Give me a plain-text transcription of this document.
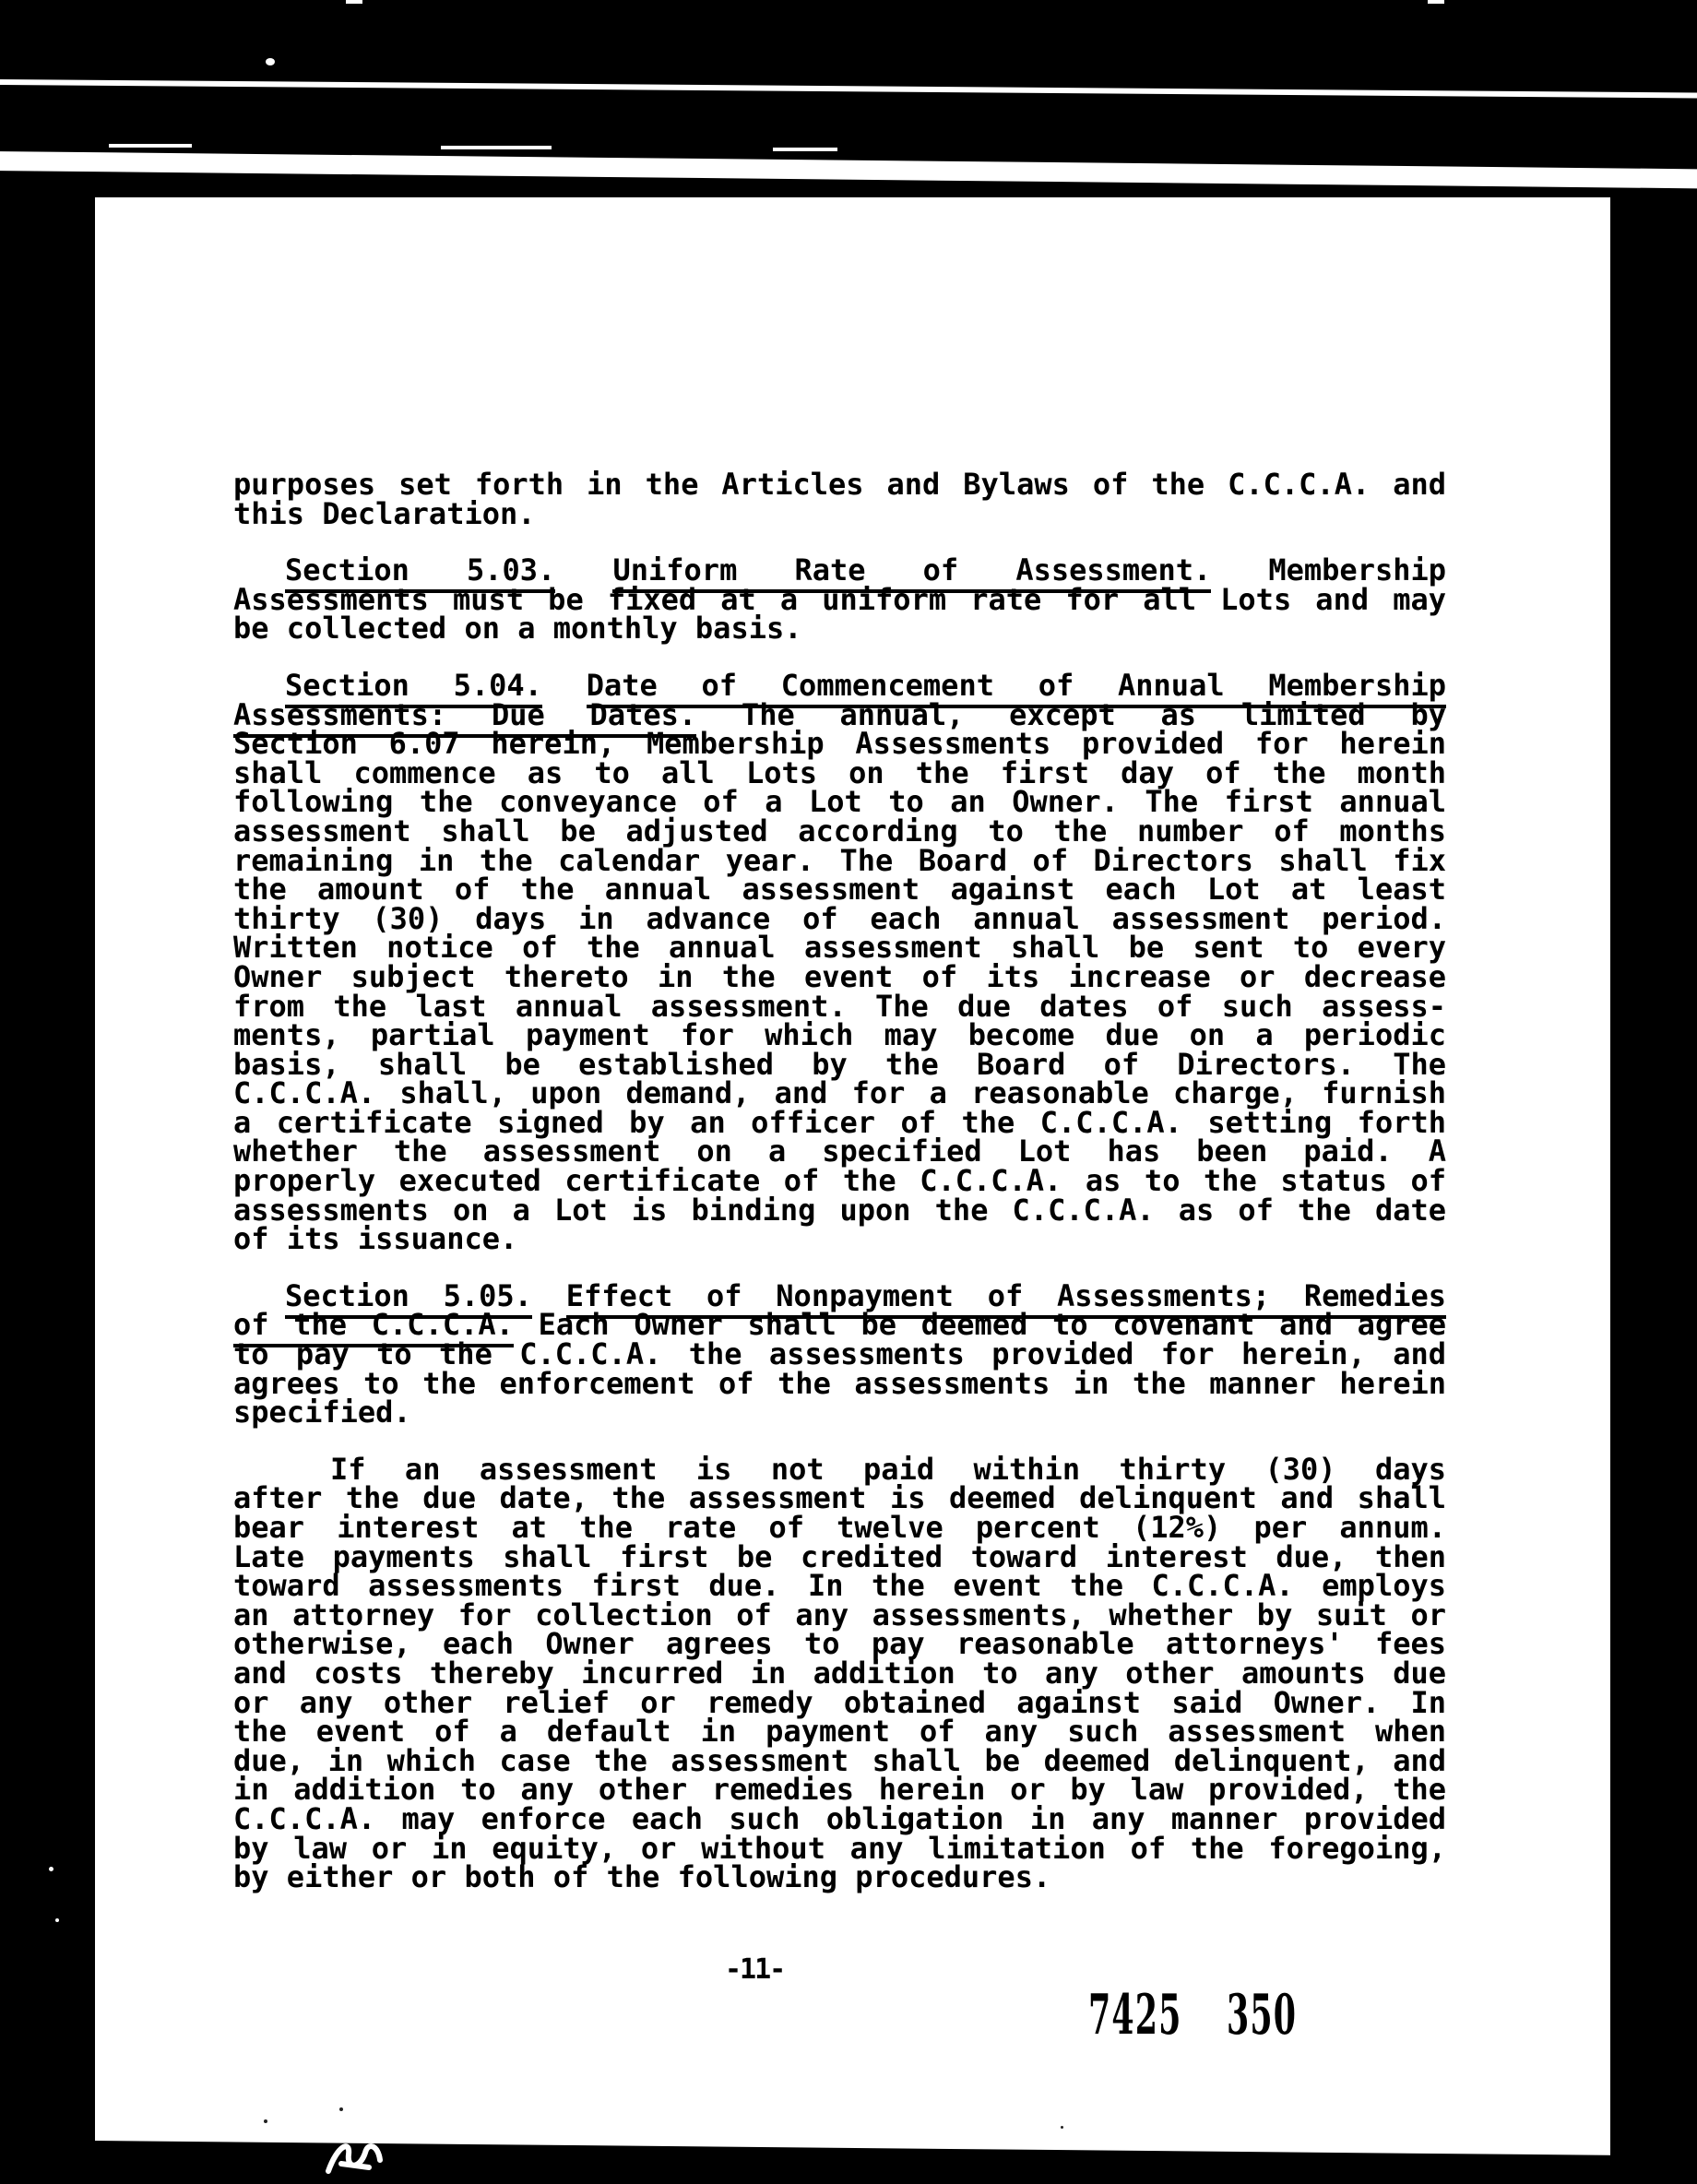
purposes set forth in the Articles and Bylaws of the C.C.C.A. and
this Declaration.
Section 5.03. Uniform Rate of Assessment. Membership
Assessments must be fixed at a uniform rate for all Lots and may
be collected on a monthly basis.
Section 5.04. Date of Commencement of Annual Membership
Assessments: Due Dates. The annual, except as limited by
Section 6.07 herein, Membership Assessments provided for herein
shall commence as to all Lots on the first day of the month
following the conveyance of a Lot to an Owner. The first annual
assessment shall be adjusted according to the number of months
remaining in the calendar year. The Board of Directors shall fix
the amount of the annual assessment against each Lot at least
thirty (30) days in advance of each annual assessment period.
Written notice of the annual assessment shall be sent to every
Owner subject thereto in the event of its increase or decrease
from the last annual assessment. The due dates of such assess-
ments, partial payment for which may become due on a periodic
basis, shall be established by the Board of Directors. The
C.C.C.A. shall, upon demand, and for a reasonable charge, furnish
a certificate signed by an officer of the C.C.C.A. setting forth
whether the assessment on a specified Lot has been paid. A
properly executed certificate of the C.C.C.A. as to the status of
assessments on a Lot is binding upon the C.C.C.A. as of the date
of its issuance.
Section 5.05. Effect of Nonpayment of Assessments; Remedies
of the C.C.C.A. Each Owner shall be deemed to covenant and agree
to pay to the C.C.C.A. the assessments provided for herein, and
agrees to the enforcement of the assessments in the manner herein
specified.
If an assessment is not paid within thirty (30) days
after the due date, the assessment is deemed delinquent and shall
bear interest at the rate of twelve percent (12%) per annum.
Late payments shall first be credited toward interest due, then
toward assessments first due. In the event the C.C.C.A. employs
an attorney for collection of any assessments, whether by suit or
otherwise, each Owner agrees to pay reasonable attorneys' fees
and costs thereby incurred in addition to any other amounts due
or any other relief or remedy obtained against said Owner. In
the event of a default in payment of any such assessment when
due, in which case the assessment shall be deemed delinquent, and
in addition to any other remedies herein or by law provided, the
C.C.C.A. may enforce each such obligation in any manner provided
by law or in equity, or without any limitation of the foregoing,
by either or both of the following procedures.
-11-
7425 350
